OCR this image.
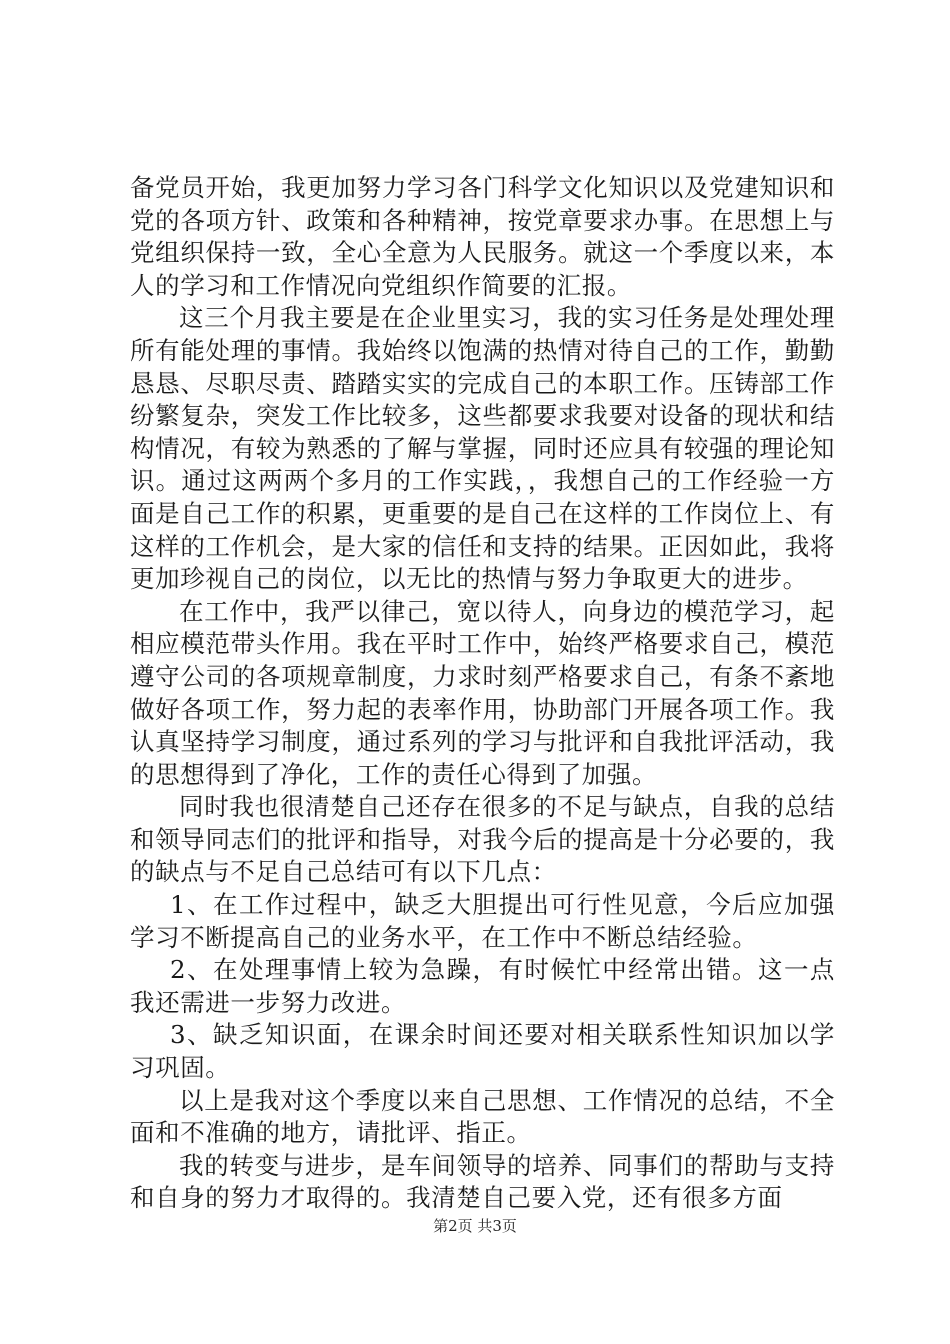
备党员开始，我更加努力学习各门科学文化知识以及党建知识和党的各项方针、政策和各种精神，按党章要求办事。在思想上与党组织保持一致，全心全意为人民服务。就这一个季度以来，本人的学习和工作情况向党组织作简要的汇报。

这三个月我主要是在企业里实习，我的实习任务是处理处理所有能处理的事情。我始终以饱满的热情对待自己的工作，勤勤恳恳、尽职尽责、踏踏实实的完成自己的本职工作。压铸部工作纷繁复杂，突发工作比较多，这些都要求我要对设备的现状和结构情况，有较为熟悉的了解与掌握，同时还应具有较强的理论知识。通过这两两个多月的工作实践，，我想自己的工作经验一方面是自己工作的积累，更重要的是自己在这样的工作岗位上、有这样的工作机会，是大家的信任和支持的结果。正因如此，我将更加珍视自己的岗位，以无比的热情与努力争取更大的进步。

在工作中，我严以律己，宽以待人，向身边的模范学习，起相应模范带头作用。我在平时工作中，始终严格要求自己，模范遵守公司的各项规章制度，力求时刻严格要求自己，有条不紊地做好各项工作，努力起的表率作用，协助部门开展各项工作。我认真坚持学习制度，通过系列的学习与批评和自我批评活动，我的思想得到了净化，工作的责任心得到了加强。

同时我也很清楚自己还存在很多的不足与缺点，自我的总结和领导同志们的批评和指导，对我今后的提高是十分必要的，我的缺点与不足自己总结可有以下几点：

1、在工作过程中，缺乏大胆提出可行性见意，今后应加强学习不断提高自己的业务水平，在工作中不断总结经验。

2、在处理事情上较为急躁，有时候忙中经常出错。这一点我还需进一步努力改进。

3、缺乏知识面，在课余时间还要对相关联系性知识加以学习巩固。

以上是我对这个季度以来自己思想、工作情况的总结，不全面和不准确的地方，请批评、指正。

我的转变与进步，是车间领导的培养、同事们的帮助与支持和自身的努力才取得的。我清楚自己要入党，还有很多方面

第2页 共3页
